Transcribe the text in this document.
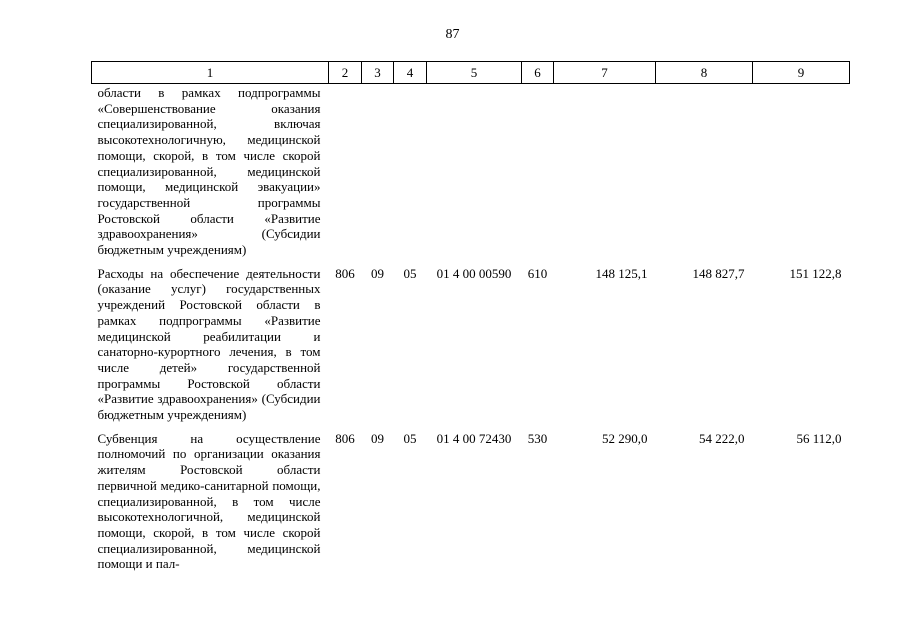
87
1	2	3	4	5	6	7	8	9
области в рамках подпрограммы «Совершенствование оказания специализированной, включая высокотехнологичную, медицинской помощи, скорой, в том числе скорой специализированной, медицинской помощи, медицинской эвакуации» государственной программы Ростовской области «Развитие здравоохранения» (Субсидии бюджетным учреждениям)								
Расходы на обеспечение деятельности (оказание услуг) государственных учреждений Ростовской области в рамках подпрограммы «Развитие медицинской реабилитации и санаторно-курортного лечения, в том числе детей» государственной программы Ростовской области «Развитие здравоохранения» (Субсидии бюджетным учреждениям)	806	09	05	01 4 00 00590	610	148 125,1	148 827,7	151 122,8
Субвенция на осуществление полномочий по организации оказания жителям Ростовской области первичной медико-санитарной помощи, специализированной, в том числе высокотехнологичной, медицинской помощи, скорой, в том числе скорой специализированной, медицинской помощи и пал-	806	09	05	01 4 00 72430	530	52 290,0	54 222,0	56 112,0
